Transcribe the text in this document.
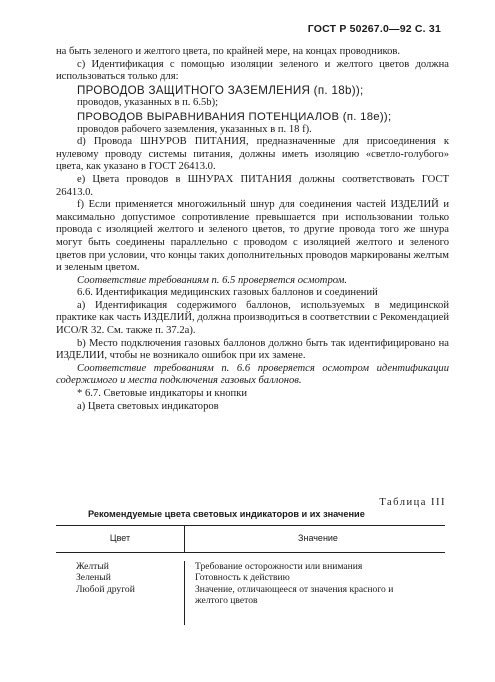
ГОСТ Р 50267.0—92 С. 31

на быть зеленого и желтого цвета, по крайней мере, на концах проводников.

с) Идентификация с помощью изоляции зеленого и желтого цветов должна использоваться только для:

ПРОВОДОВ ЗАЩИТНОГО ЗАЗЕМЛЕНИЯ (п. 18b));

проводов, указанных в п. 6.5b);

ПРОВОДОВ ВЫРАВНИВАНИЯ ПОТЕНЦИАЛОВ (п. 18е));

проводов рабочего заземления, указанных в п. 18 f).

d) Провода ШНУРОВ ПИТАНИЯ, предназначенные для присоединения к нулевому проводу системы питания, должны иметь изоляцию «светло-голубого» цвета, как указано в ГОСТ 26413.0.

е) Цвета проводов в ШНУРАХ ПИТАНИЯ должны соответствовать ГОСТ 26413.0.

f) Если применяется многожильный шнур для соединения частей ИЗДЕЛИЙ и максимально допустимое сопротивление превышается при использовании только провода с изоляцией желтого и зеленого цветов, то другие провода того же шнура могут быть соединены параллельно с проводом с изоляцией желтого и зеленого цветов при условии, что концы таких дополнительных проводов маркированы желтым и зеленым цветом.

Соответствие требованиям п. 6.5 проверяется осмотром.

6.6. Идентификация медицинских газовых баллонов и соединений

а) Идентификация содержимого баллонов, используемых в медицинской практике как часть ИЗДЕЛИЙ, должна производиться в соответствии с Рекомендацией ИСО/R 32. См. также п. 37.2а).

b) Место подключения газовых баллонов должно быть так идентифицировано на ИЗДЕЛИИ, чтобы не возникало ошибок при их замене.

Соответствие требованиям п. 6.6 проверяется осмотром идентификации содержимого и места подключения газовых баллонов.

* 6.7. Световые индикаторы и кнопки

а) Цвета световых индикаторов

Таблица III
Рекомендуемые цвета световых индикаторов и их значение
Цвет	Значение
Желтый
Зеленый
Любой другой
Требование осторожности или внимания
Готовность к действию
Значение, отличающееся от значения красного и
желтого цветов
